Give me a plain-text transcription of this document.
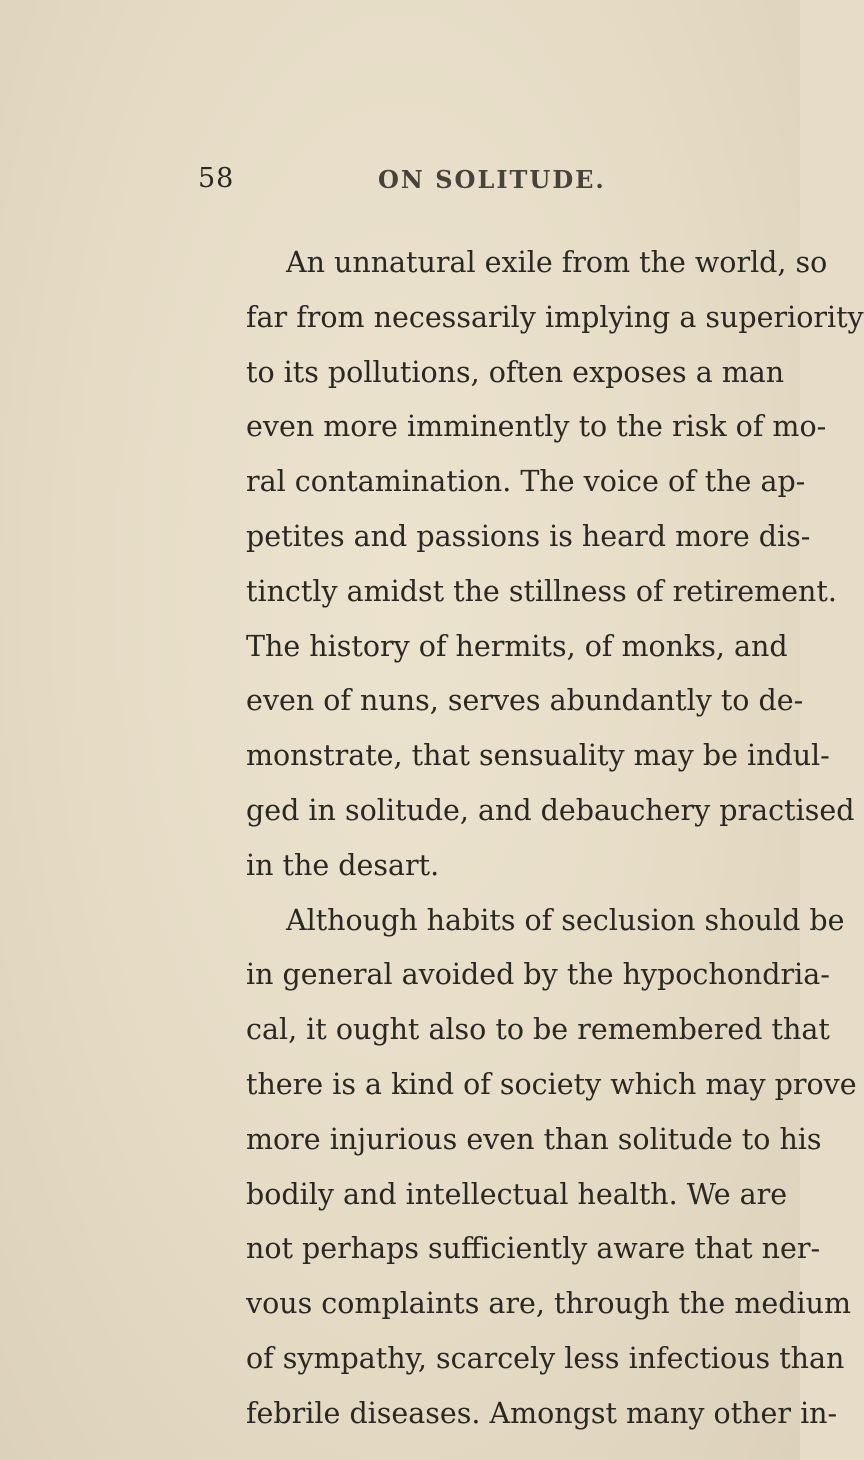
58	ON SOLITUDE.
An unnatural exile from the world, so
far from necessarily implying a superiority
to its pollutions, often exposes a man
even more imminently to the risk of mo-
ral contamination. The voice of the ap-
petites and passions is heard more dis-
tinctly amidst the stillness of retirement.
The history of hermits, of monks, and
even of nuns, serves abundantly to de-
monstrate, that sensuality may be indul-
ged in solitude, and debauchery practised
in the desart.
Although habits of seclusion should be
in general avoided by the hypochondria-
cal, it ought also to be remembered that
there is a kind of society which may prove
more injurious even than solitude to his
bodily and intellectual health. We are
not perhaps sufficiently aware that ner-
vous complaints are, through the medium
of sympathy, scarcely less infectious than
febrile diseases. Amongst many other in-
